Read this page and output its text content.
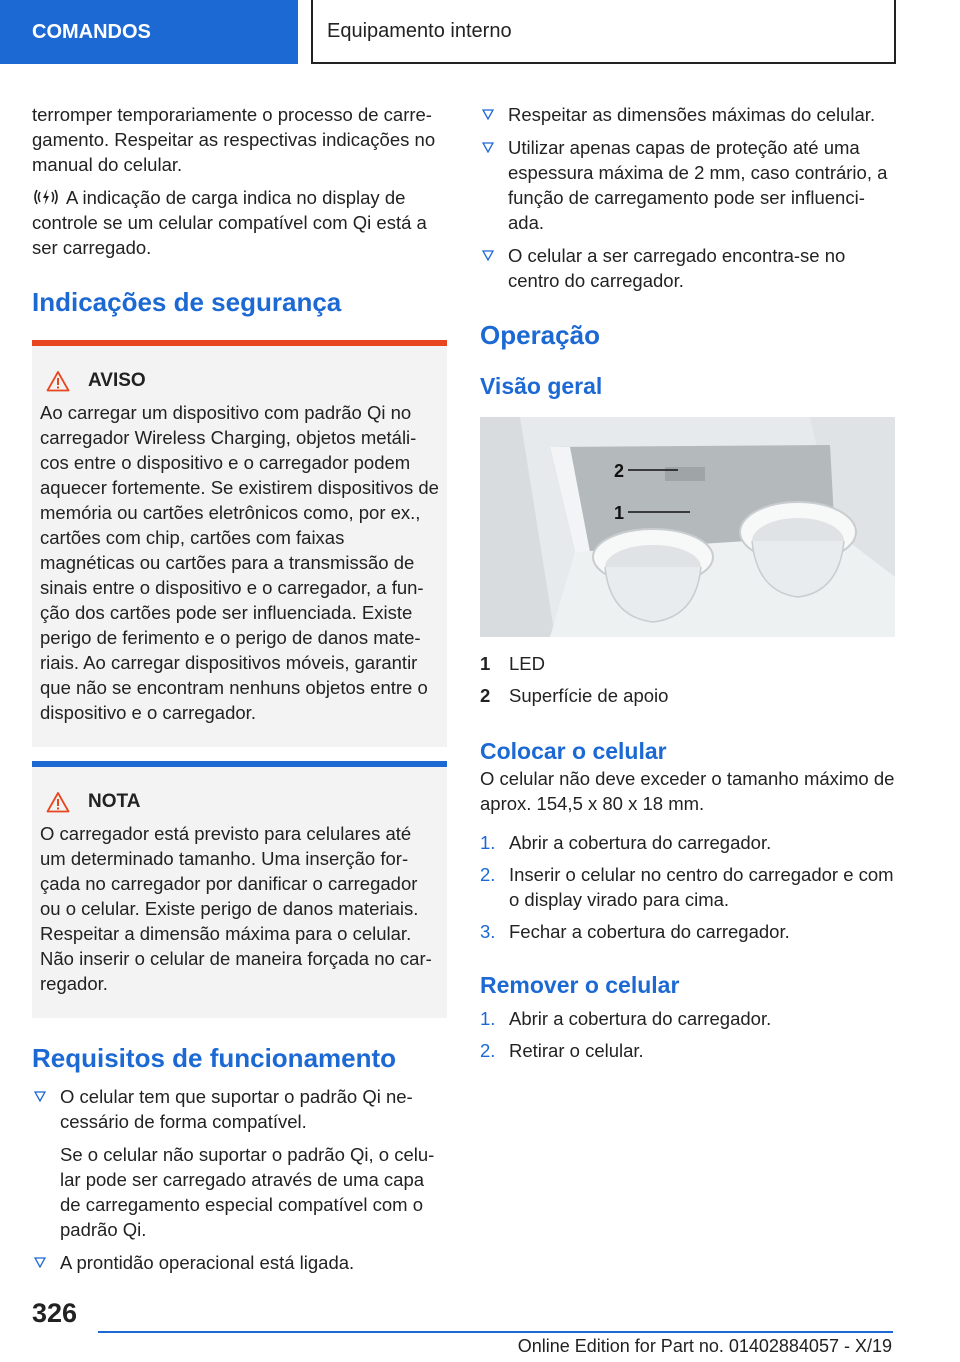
COMANDOS	Equipamento interno

terromper temporariamente o processo de carre-gamento. Respeitar as respectivas indicações no manual do celular.

A indicação de carga indica no display de controle se um celular compatível com Qi está a ser carregado.

Indicações de segurança
AVISO

Ao carregar um dispositivo com padrão Qi no carregador Wireless Charging, objetos metáli-cos entre o dispositivo e o carregador podem aquecer fortemente. Se existirem dispositivos de memória ou cartões eletrônicos como, por ex., cartões com chip, cartões com faixas magnéticas ou cartões para a transmissão de sinais entre o dispositivo e o carregador, a fun-ção dos cartões pode ser influenciada. Existe perigo de ferimento e o perigo de danos mate-riais. Ao carregar dispositivos móveis, garantir que não se encontram nenhuns objetos entre o dispositivo e o carregador.

NOTA

O carregador está previsto para celulares até um determinado tamanho. Uma inserção for-çada no carregador por danificar o carregador ou o celular. Existe perigo de danos materiais. Respeitar a dimensão máxima para o celular. Não inserir o celular de maneira forçada no car-regador.

Requisitos de funcionamento
O celular tem que suportar o padrão Qi ne-cessário de forma compatível.
Se o celular não suportar o padrão Qi, o celu-lar pode ser carregado através de uma capa de carregamento especial compatível com o padrão Qi.
A prontidão operacional está ligada.
Respeitar as dimensões máximas do celular.
Utilizar apenas capas de proteção até uma espessura máxima de 2 mm, caso contrário, a função de carregamento pode ser influenci-ada.
O celular a ser carregado encontra-se no centro do carregador.
Operação
Visão geral
2
1
1 LED
2 Superfície de apoio
Colocar o celular

O celular não deve exceder o tamanho máximo de aprox. 154,5 x 80 x 18 mm.

1. Abrir a cobertura do carregador.
2. Inserir o celular no centro do carregador e com o display virado para cima.
3. Fechar a cobertura do carregador.
Remover o celular
1. Abrir a cobertura do carregador.
2. Retirar o celular.
326
Online Edition for Part no. 01402884057 - X/19
